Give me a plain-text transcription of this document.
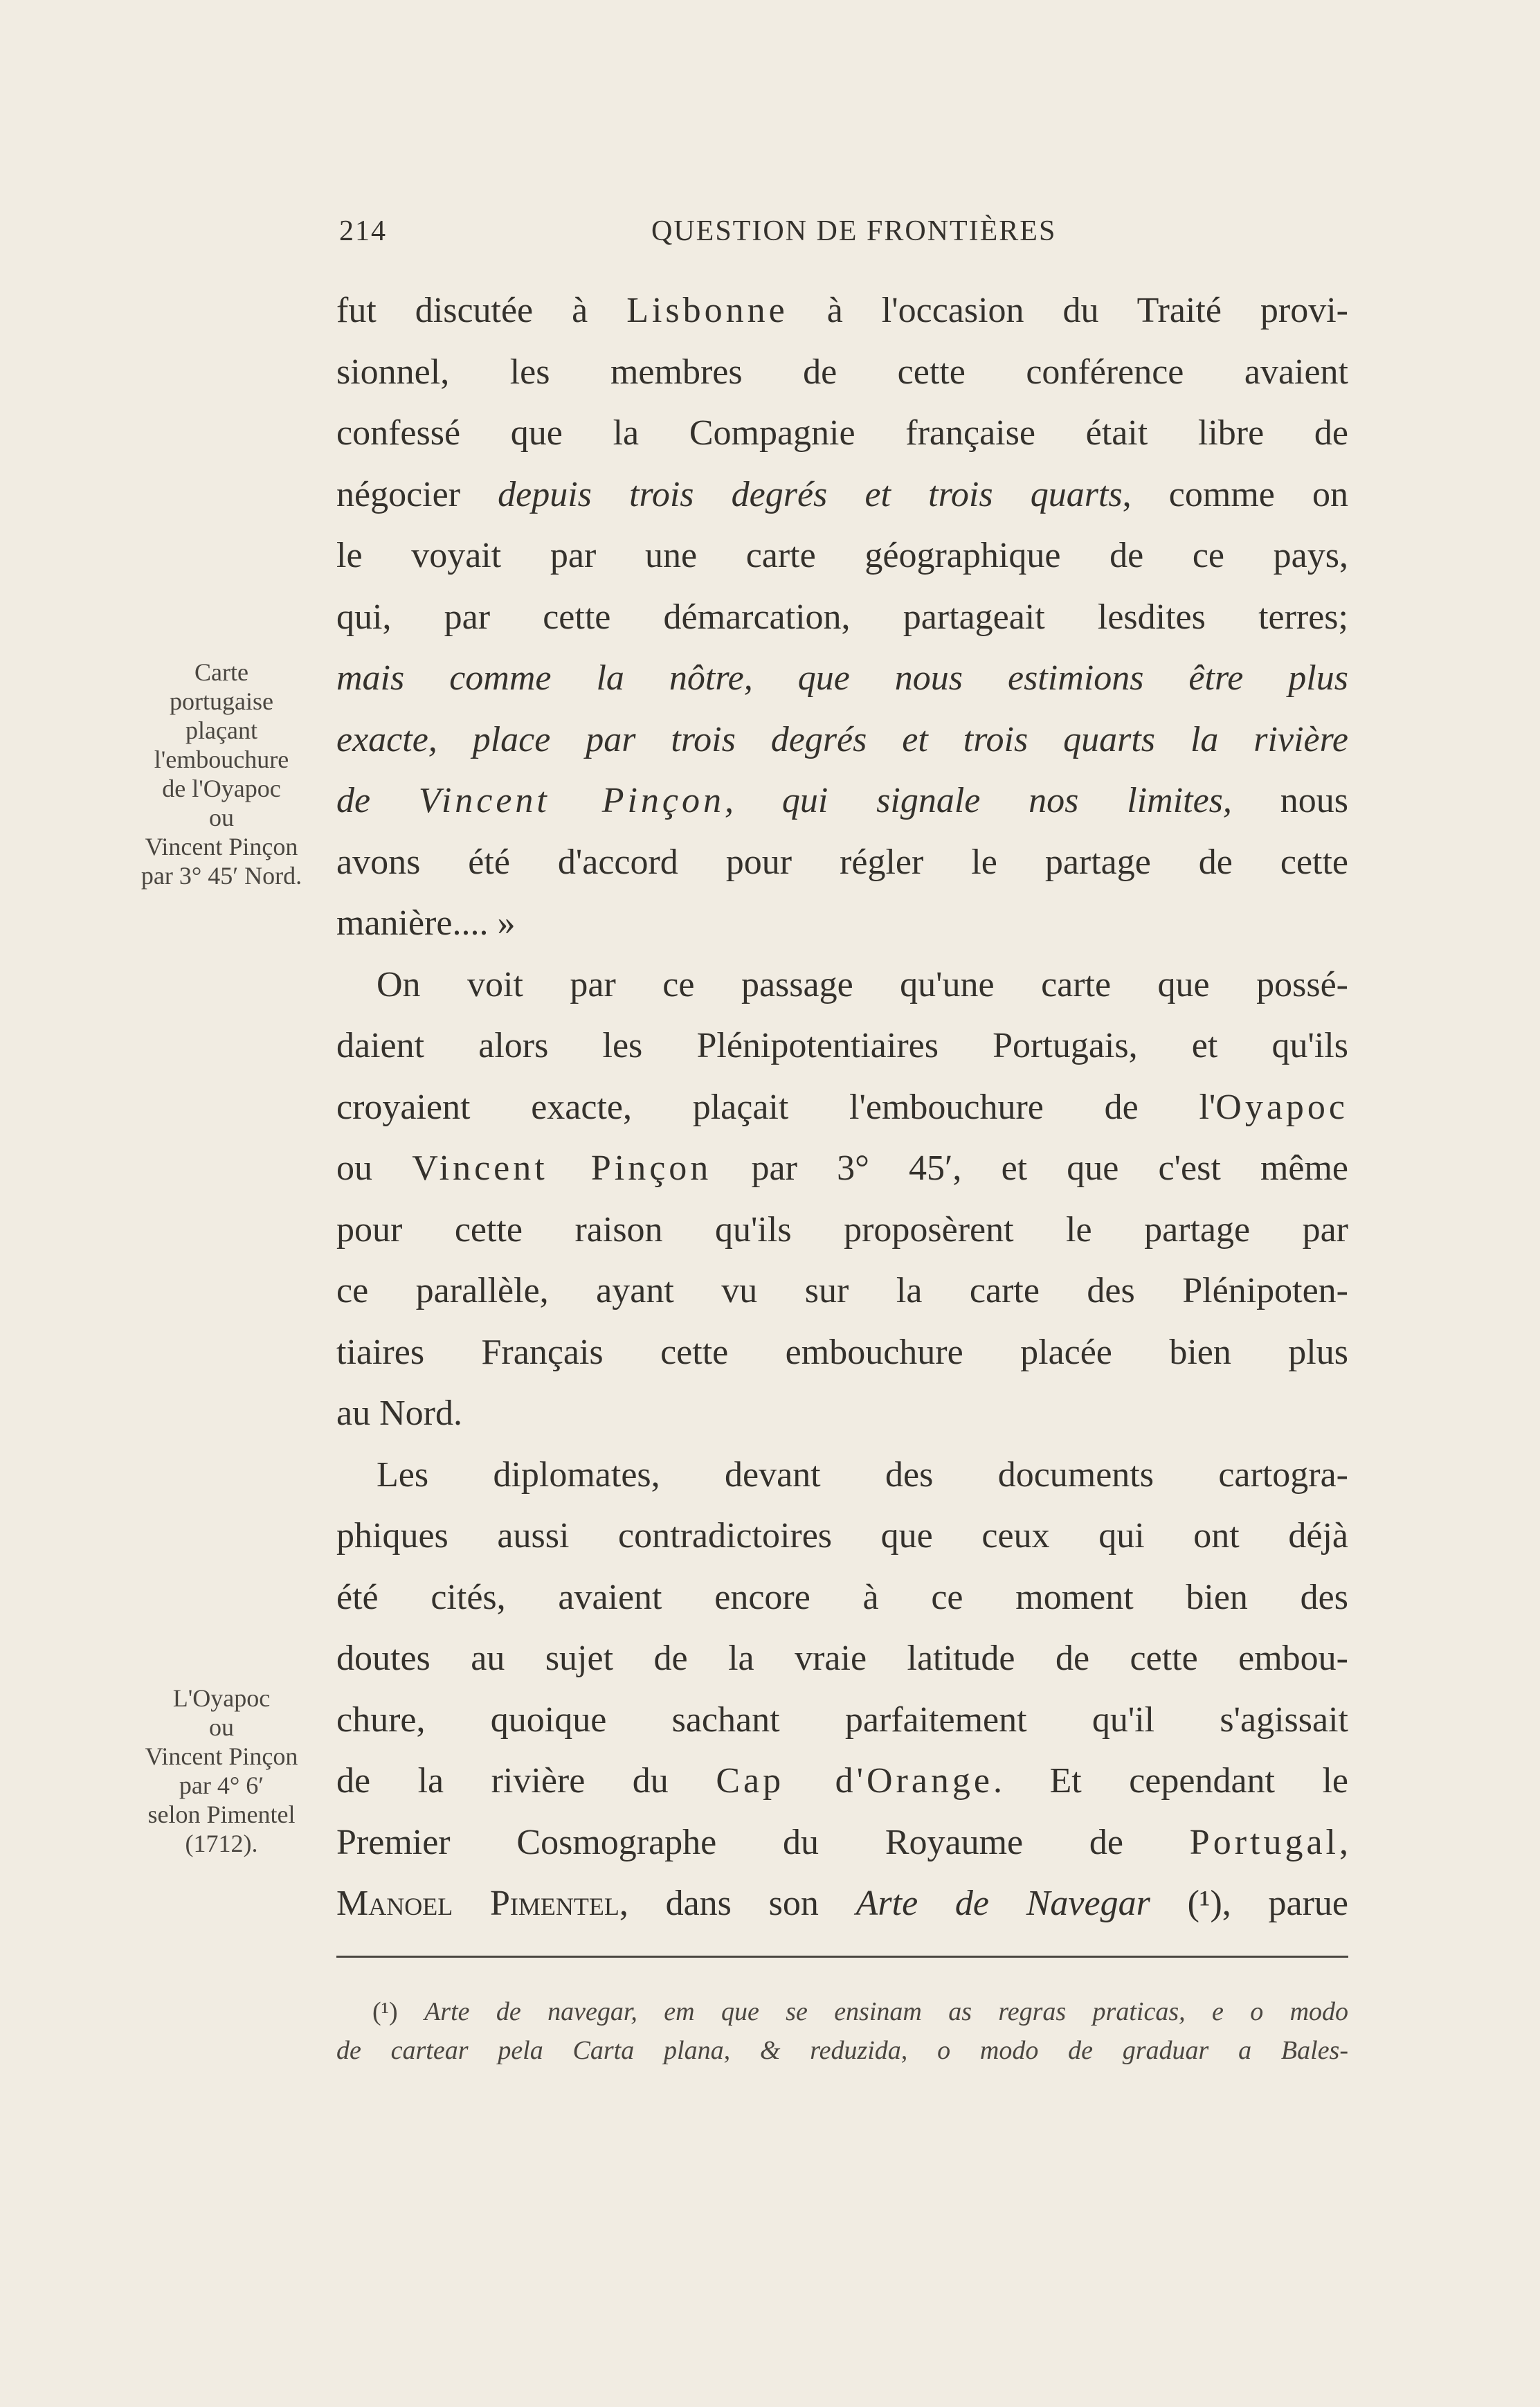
214	QUESTION DE FRONTIÈRES
Carte
portugaise
plaçant
l'embouchure
de l'Oyapoc
ou
Vincent Pinçon
par 3° 45′ Nord.
L'Oyapoc
ou
Vincent Pinçon
par 4° 6′
selon Pimentel
(1712).
fut discutée à Lisbonne à l'occasion du Traité provi-
sionnel, les membres de cette conférence avaient
confessé que la Compagnie française était libre de
négocier depuis trois degrés et trois quarts, comme on
le voyait par une carte géographique de ce pays,
qui, par cette démarcation, partageait lesdites terres;
mais comme la nôtre, que nous estimions être plus
exacte, place par trois degrés et trois quarts la rivière
de Vincent Pinçon, qui signale nos limites, nous
avons été d'accord pour régler le partage de cette
manière.... »
On voit par ce passage qu'une carte que possé-
daient alors les Plénipotentiaires Portugais, et qu'ils
croyaient exacte, plaçait l'embouchure de l'Oyapoc
ou Vincent Pinçon par 3° 45′, et que c'est même
pour cette raison qu'ils proposèrent le partage par
ce parallèle, ayant vu sur la carte des Plénipoten-
tiaires Français cette embouchure placée bien plus
au Nord.
Les diplomates, devant des documents cartogra-
phiques aussi contradictoires que ceux qui ont déjà
été cités, avaient encore à ce moment bien des
doutes au sujet de la vraie latitude de cette embou-
chure, quoique sachant parfaitement qu'il s'agissait
de la rivière du Cap d'Orange. Et cependant le
Premier Cosmographe du Royaume de Portugal,
Manoel Pimentel, dans son Arte de Navegar (¹), parue
(¹) Arte de navegar, em que se ensinam as regras praticas, e o modo
de cartear pela Carta plana, & reduzida, o modo de graduar a Bales-
